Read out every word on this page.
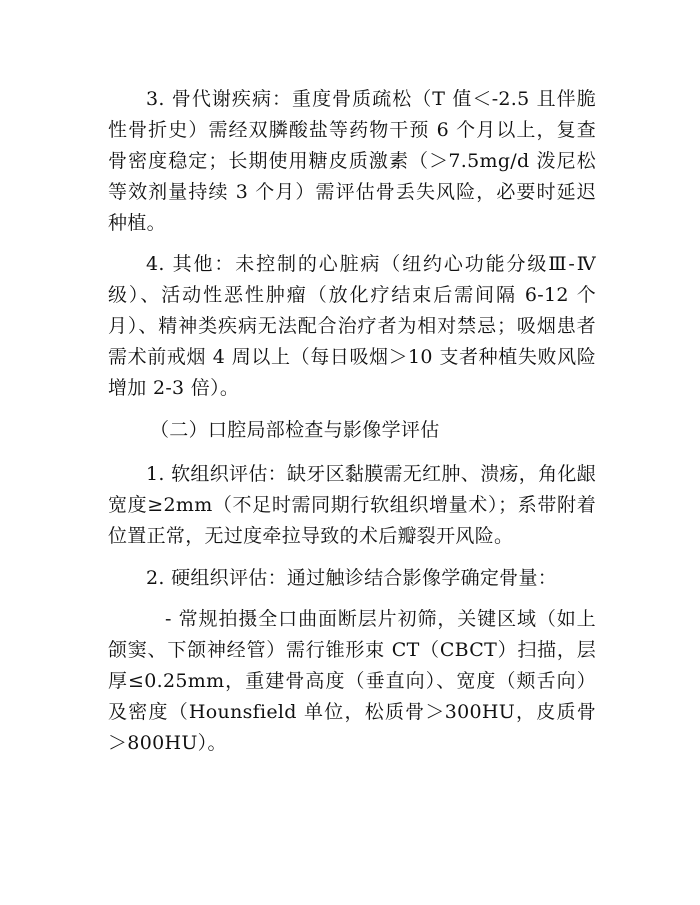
3. 骨代谢疾病：重度骨质疏松（T 值＜-2.5 且伴脆性骨折史）需经双膦酸盐等药物干预 6 个月以上，复查骨密度稳定；长期使用糖皮质激素（＞7.5mg/d 泼尼松等效剂量持续 3 个月）需评估骨丢失风险，必要时延迟种植。

4. 其他：未控制的心脏病（纽约心功能分级Ⅲ-Ⅳ级）、活动性恶性肿瘤（放化疗结束后需间隔 6-12 个月）、精神类疾病无法配合治疗者为相对禁忌；吸烟患者需术前戒烟 4 周以上（每日吸烟＞10 支者种植失败风险增加 2-3 倍）。

（二）口腔局部检查与影像学评估

1. 软组织评估：缺牙区黏膜需无红肿、溃疡，角化龈宽度≥2mm（不足时需同期行软组织增量术）；系带附着位置正常，无过度牵拉导致的术后瓣裂开风险。

2. 硬组织评估：通过触诊结合影像学确定骨量：

- 常规拍摄全口曲面断层片初筛，关键区域（如上颌窦、下颌神经管）需行锥形束 CT（CBCT）扫描，层厚≤0.25mm，重建骨高度（垂直向）、宽度（颊舌向）及密度（Hounsfield 单位，松质骨＞300HU，皮质骨＞800HU）。
